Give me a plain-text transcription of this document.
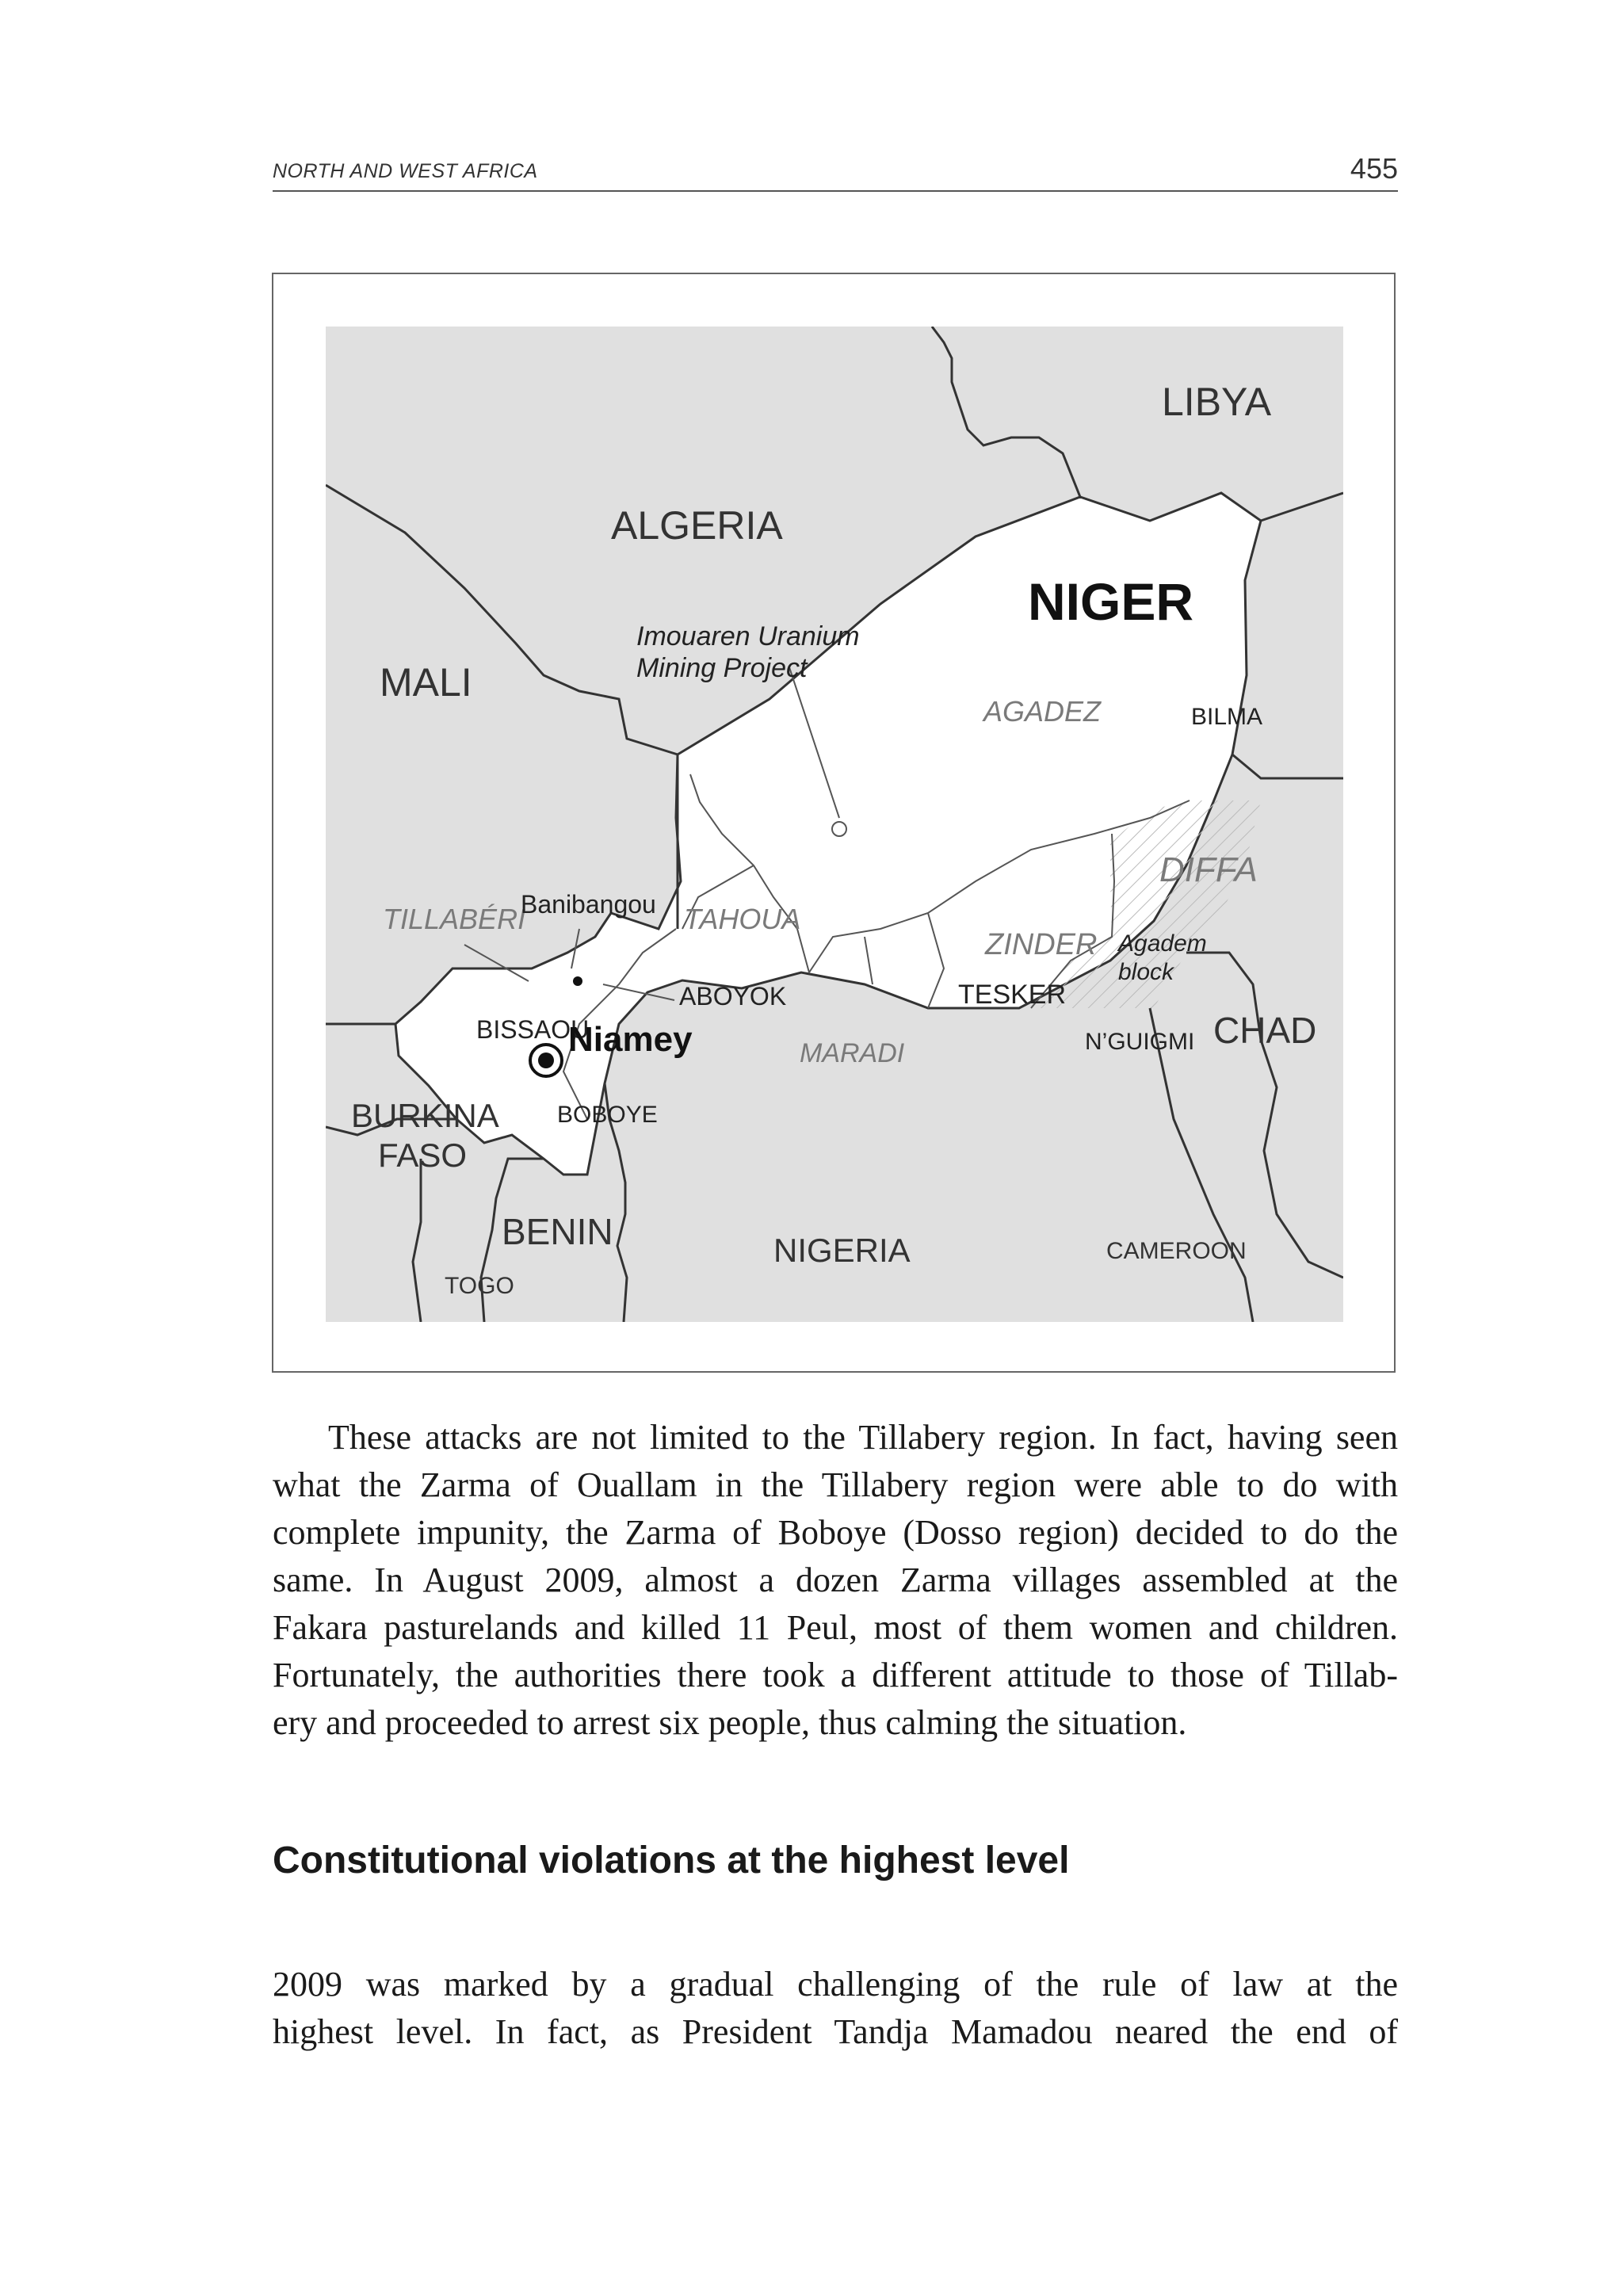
NORTH AND WEST AFRICA	455
LIBYA
ALGERIA
MALI
NIGER
CHAD
BURKINA
FASO
BENIN	NIGERIA	CAMEROON
TOGO
AGADEZ
DIFFA
ZINDER
TAHOUA
MARADI
TILLABÉRI
BILMA
Banibangou
ABOYOK
BISSAOU
Niamey
BOBOYE
TESKER
N’GUIGMI
Agadem
block
Imouaren Uranium
Mining Project
These attacks are not limited to the Tillabery region. In fact, having seen
what the Zarma of Ouallam in the Tillabery region were able to do with
complete impunity, the Zarma of Boboye (Dosso region) decided to do the
same. In August 2009, almost a dozen Zarma villages assembled at the
Fakara pasturelands and killed 11 Peul, most of them women and children.
Fortunately, the authorities there took a different attitude to those of Tillab-
ery and proceeded to arrest six people, thus calming the situation.
Constitutional violations at the highest level
2009 was marked by a gradual challenging of the rule of law at the
highest level. In fact, as President Tandja Mamadou neared the end of
